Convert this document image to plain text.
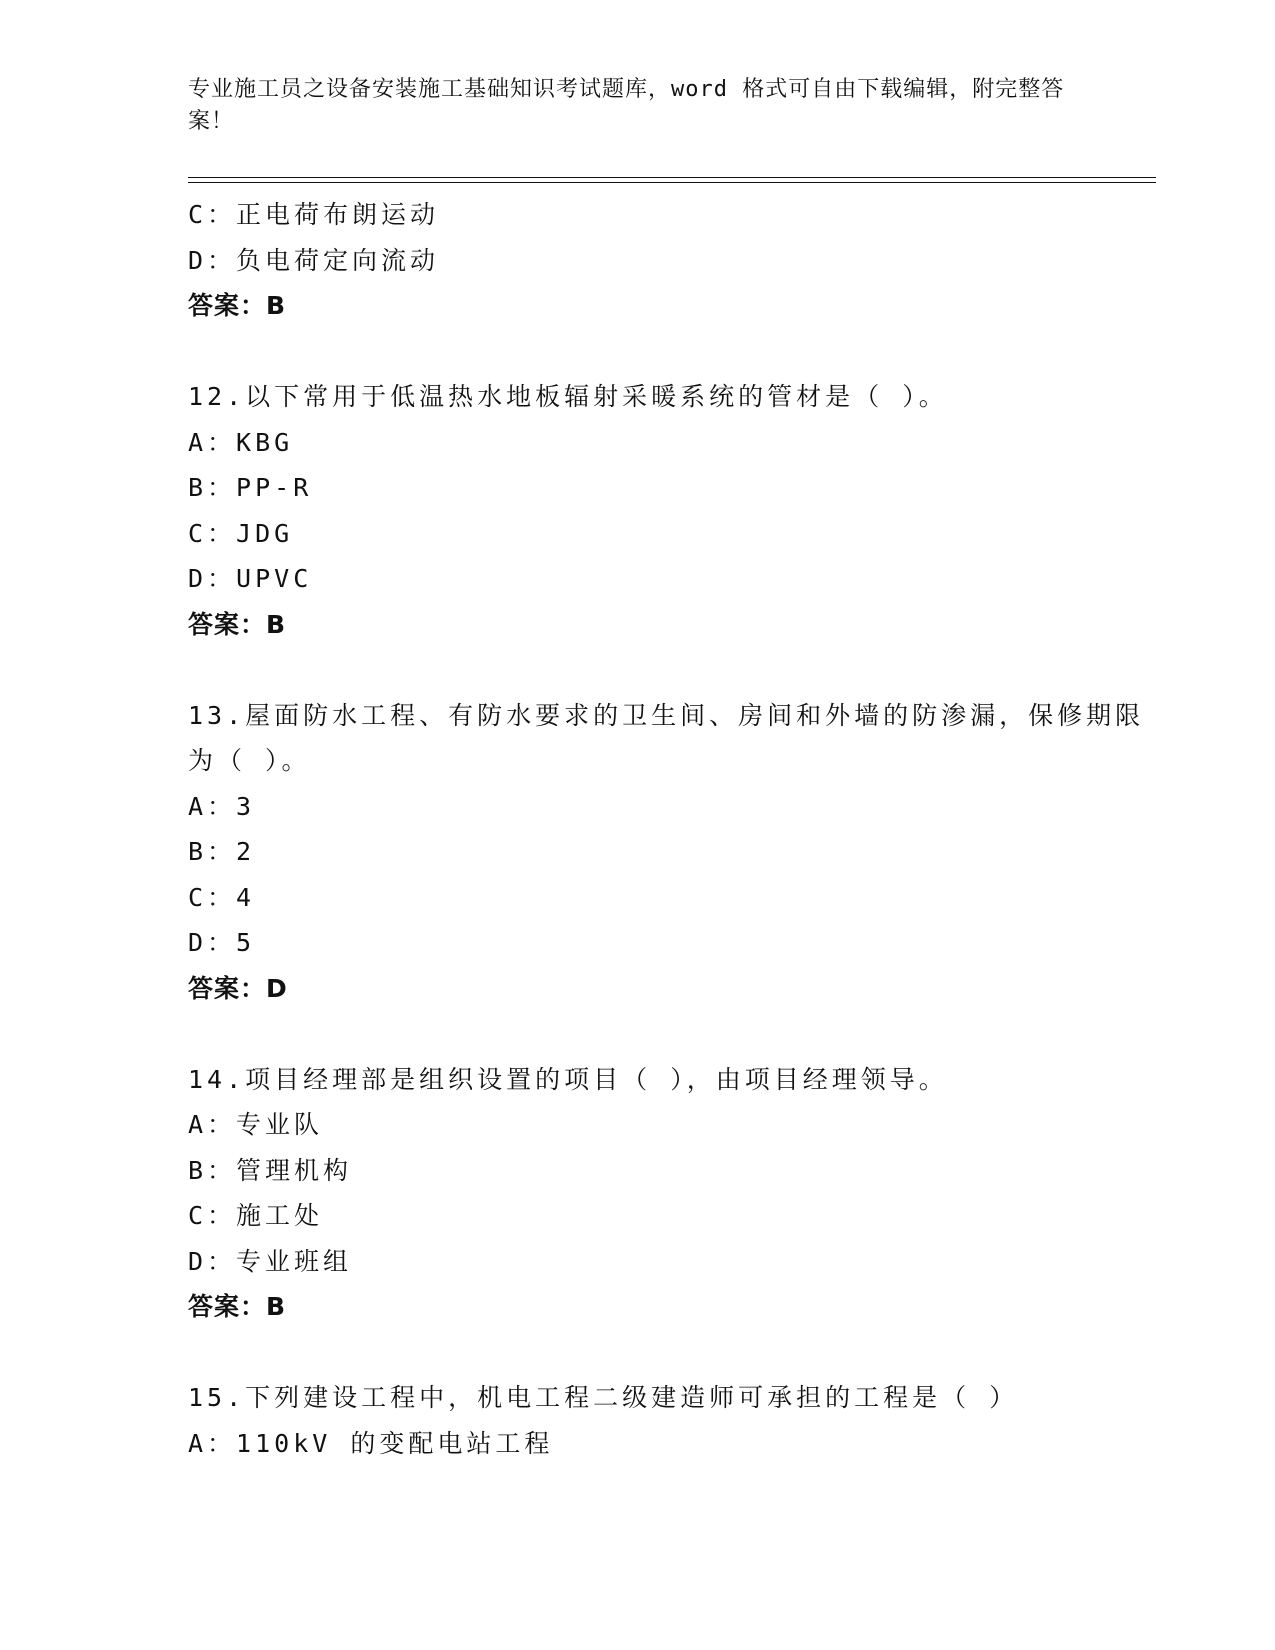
专业施工员之设备安装施工基础知识考试题库，word 格式可自由下载编辑，附完整答案！
C：正电荷布朗运动
D：负电荷定向流动
答案：B
12.以下常用于低温热水地板辐射采暖系统的管材是（ ）。
A：KBG
B：PP-R
C：JDG
D：UPVC
答案：B
13.屋面防水工程、有防水要求的卫生间、房间和外墙的防渗漏，保修期限为（ ）。
A：3
B：2
C：4
D：5
答案：D
14.项目经理部是组织设置的项目（ ），由项目经理领导。
A：专业队
B：管理机构
C：施工处
D：专业班组
答案：B
15.下列建设工程中，机电工程二级建造师可承担的工程是（ ）
A：110kV 的变配电站工程
